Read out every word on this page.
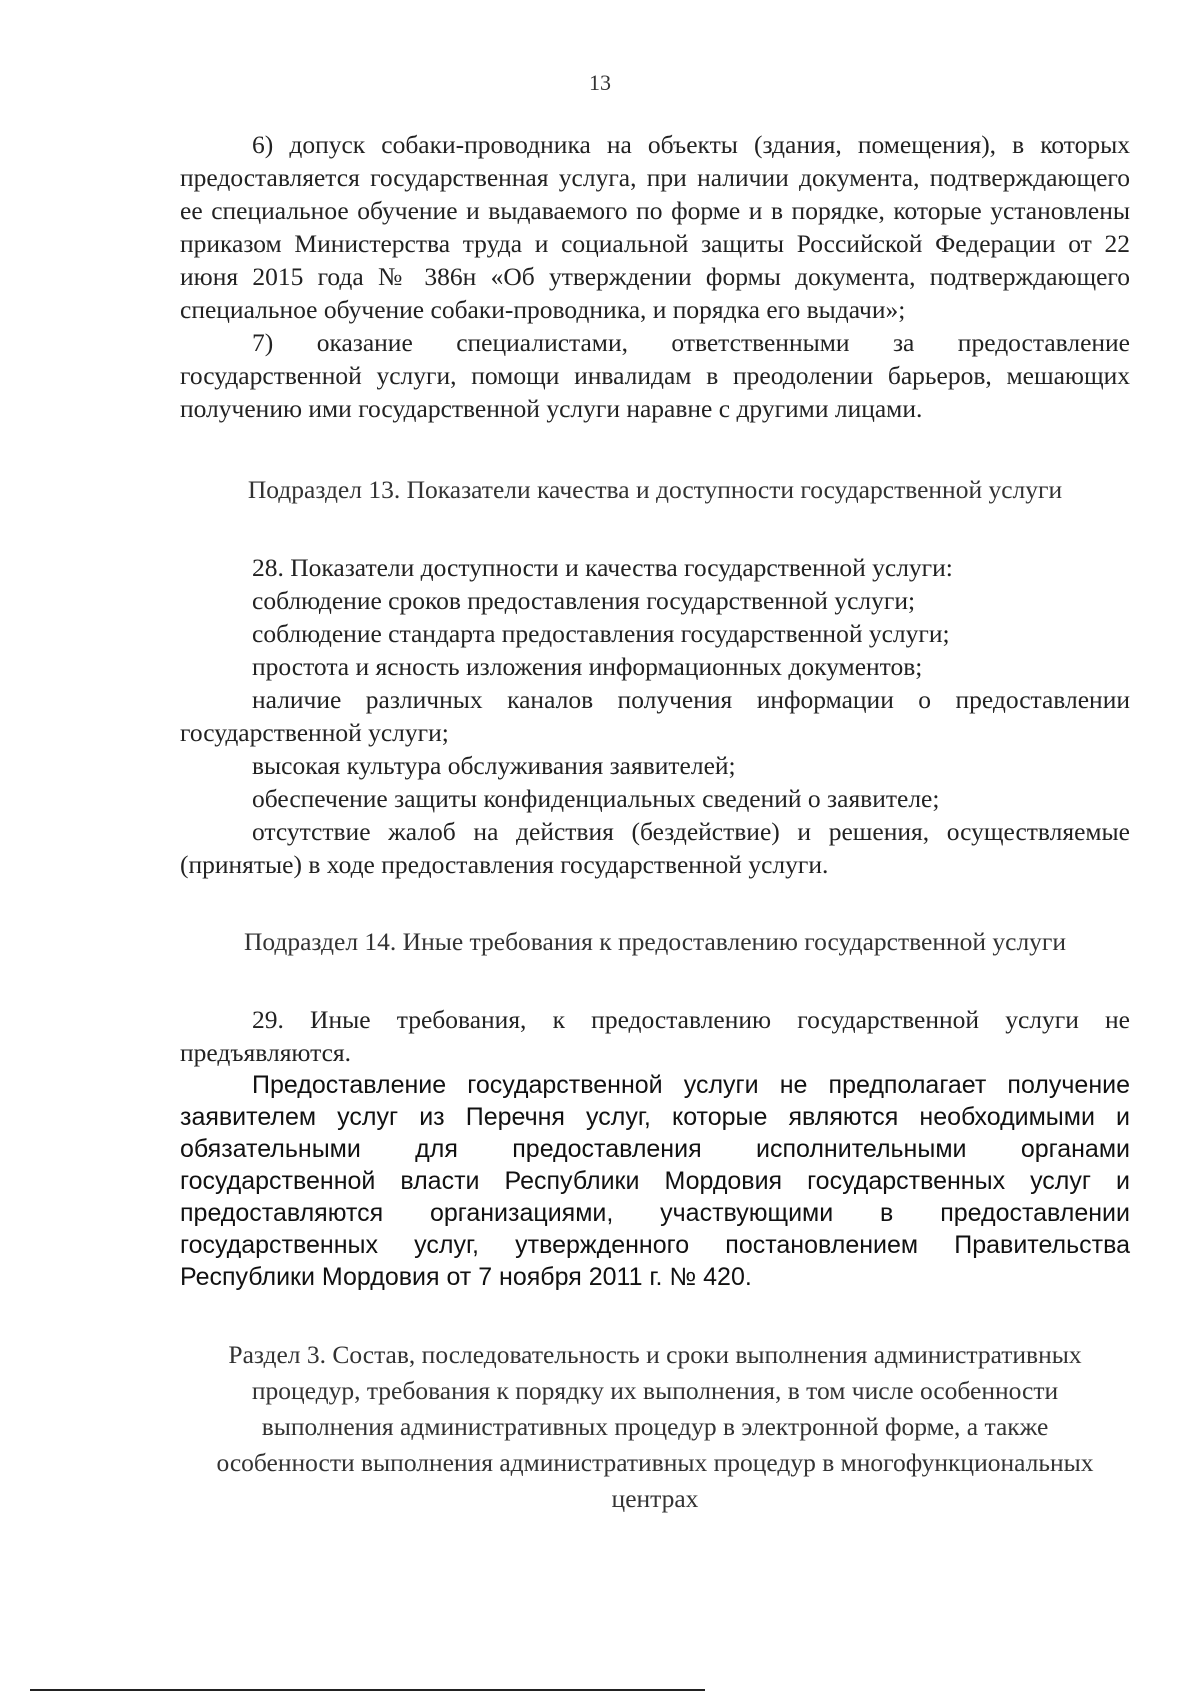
13

6) допуск собаки-проводника на объекты (здания, помещения), в которых предоставляется государственная услуга, при наличии документа, подтверждающего ее специальное обучение и выдаваемого по форме и в порядке, которые установлены приказом Министерства труда и социальной защиты Российской Федерации от 22 июня 2015 года № 386н «Об утверждении формы документа, подтверждающего специальное обучение собаки-проводника, и порядка его выдачи»;

7) оказание специалистами, ответственными за предоставление государственной услуги, помощи инвалидам в преодолении барьеров, мешающих получению ими государственной услуги наравне с другими лицами.

Подраздел 13. Показатели качества и доступности государственной услуги

28. Показатели доступности и качества государственной услуги:

соблюдение сроков предоставления государственной услуги;

соблюдение стандарта предоставления государственной услуги;

простота и ясность изложения информационных документов;

наличие различных каналов получения информации о предоставлении государственной услуги;

высокая культура обслуживания заявителей;

обеспечение защиты конфиденциальных сведений о заявителе;

отсутствие жалоб на действия (бездействие) и решения, осуществляемые (принятые) в ходе предоставления государственной услуги.

Подраздел 14. Иные требования к предоставлению государственной услуги

29. Иные требования, к предоставлению государственной услуги не предъявляются.

Предоставление государственной услуги не предполагает получение заявителем услуг из Перечня услуг, которые являются необходимыми и обязательными для предоставления исполнительными органами государственной власти Республики Мордовия государственных услуг и предоставляются организациями, участвующими в предоставлении государственных услуг, утвержденного постановлением Правительства Республики Мордовия от 7 ноября 2011 г. № 420.

Раздел 3. Состав, последовательность и сроки выполнения административных процедур, требования к порядку их выполнения, в том числе особенности выполнения административных процедур в электронной форме, а также особенности выполнения административных процедур в многофункциональных центрах
